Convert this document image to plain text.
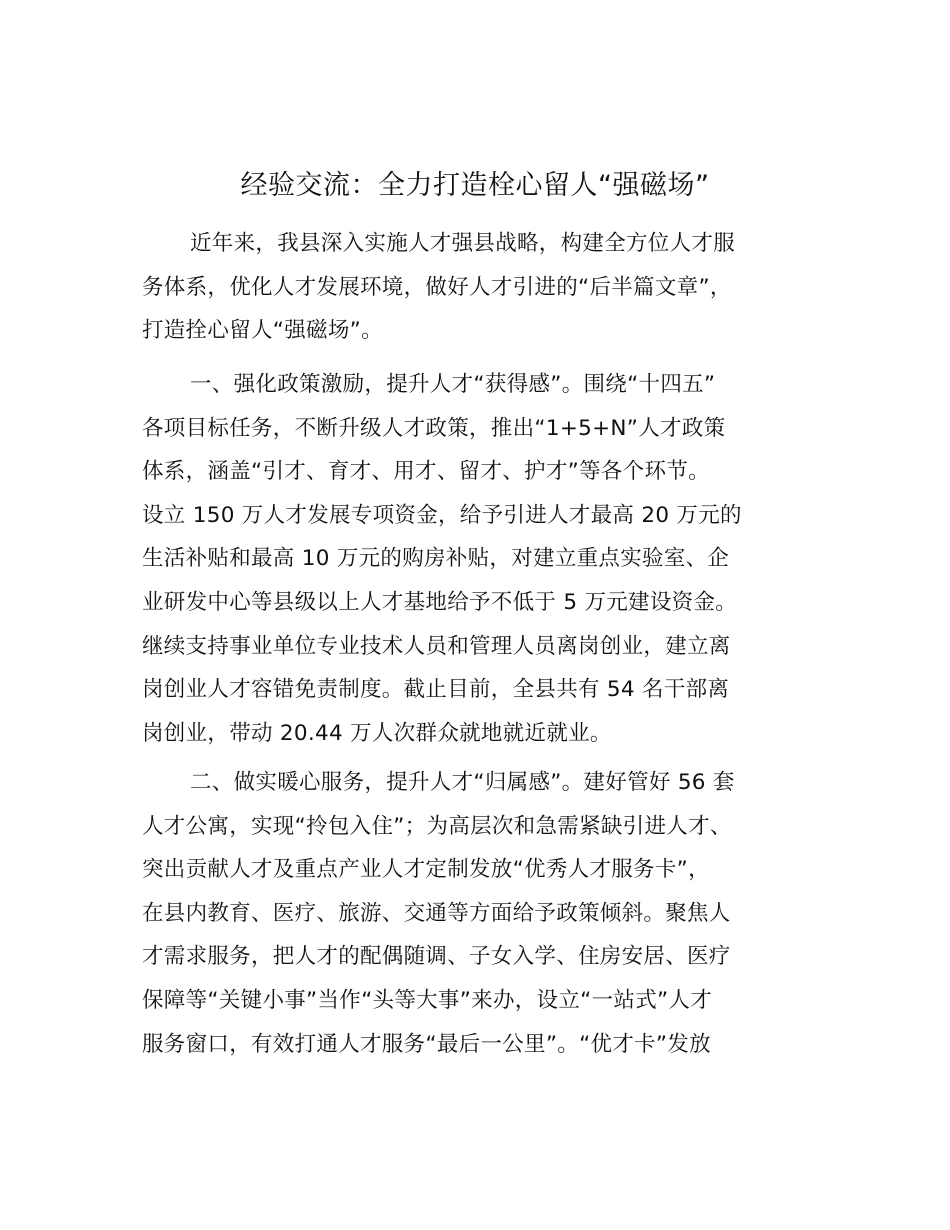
经验交流：全力打造栓心留人“强磁场”
近年来，我县深入实施人才强县战略，构建全方位人才服
务体系，优化人才发展环境，做好人才引进的“后半篇文章”，
打造拴心留人“强磁场”。
一、强化政策激励，提升人才“获得感”。围绕“十四五”
各项目标任务，不断升级人才政策，推出“1+5+N”人才政策
体系，涵盖“引才、育才、用才、留才、护才”等各个环节。
设立 150 万人才发展专项资金，给予引进人才最高 20 万元的
生活补贴和最高 10 万元的购房补贴，对建立重点实验室、企
业研发中心等县级以上人才基地给予不低于 5 万元建设资金。
继续支持事业单位专业技术人员和管理人员离岗创业，建立离
岗创业人才容错免责制度。截止目前，全县共有 54 名干部离
岗创业，带动 20.44 万人次群众就地就近就业。
二、做实暖心服务，提升人才“归属感”。建好管好 56 套
人才公寓，实现“拎包入住”；为高层次和急需紧缺引进人才、
突出贡献人才及重点产业人才定制发放“优秀人才服务卡”，
在县内教育、医疗、旅游、交通等方面给予政策倾斜。聚焦人
才需求服务，把人才的配偶随调、子女入学、住房安居、医疗
保障等“关键小事”当作“头等大事”来办，设立“一站式”人才
服务窗口，有效打通人才服务“最后一公里”。“优才卡”发放
